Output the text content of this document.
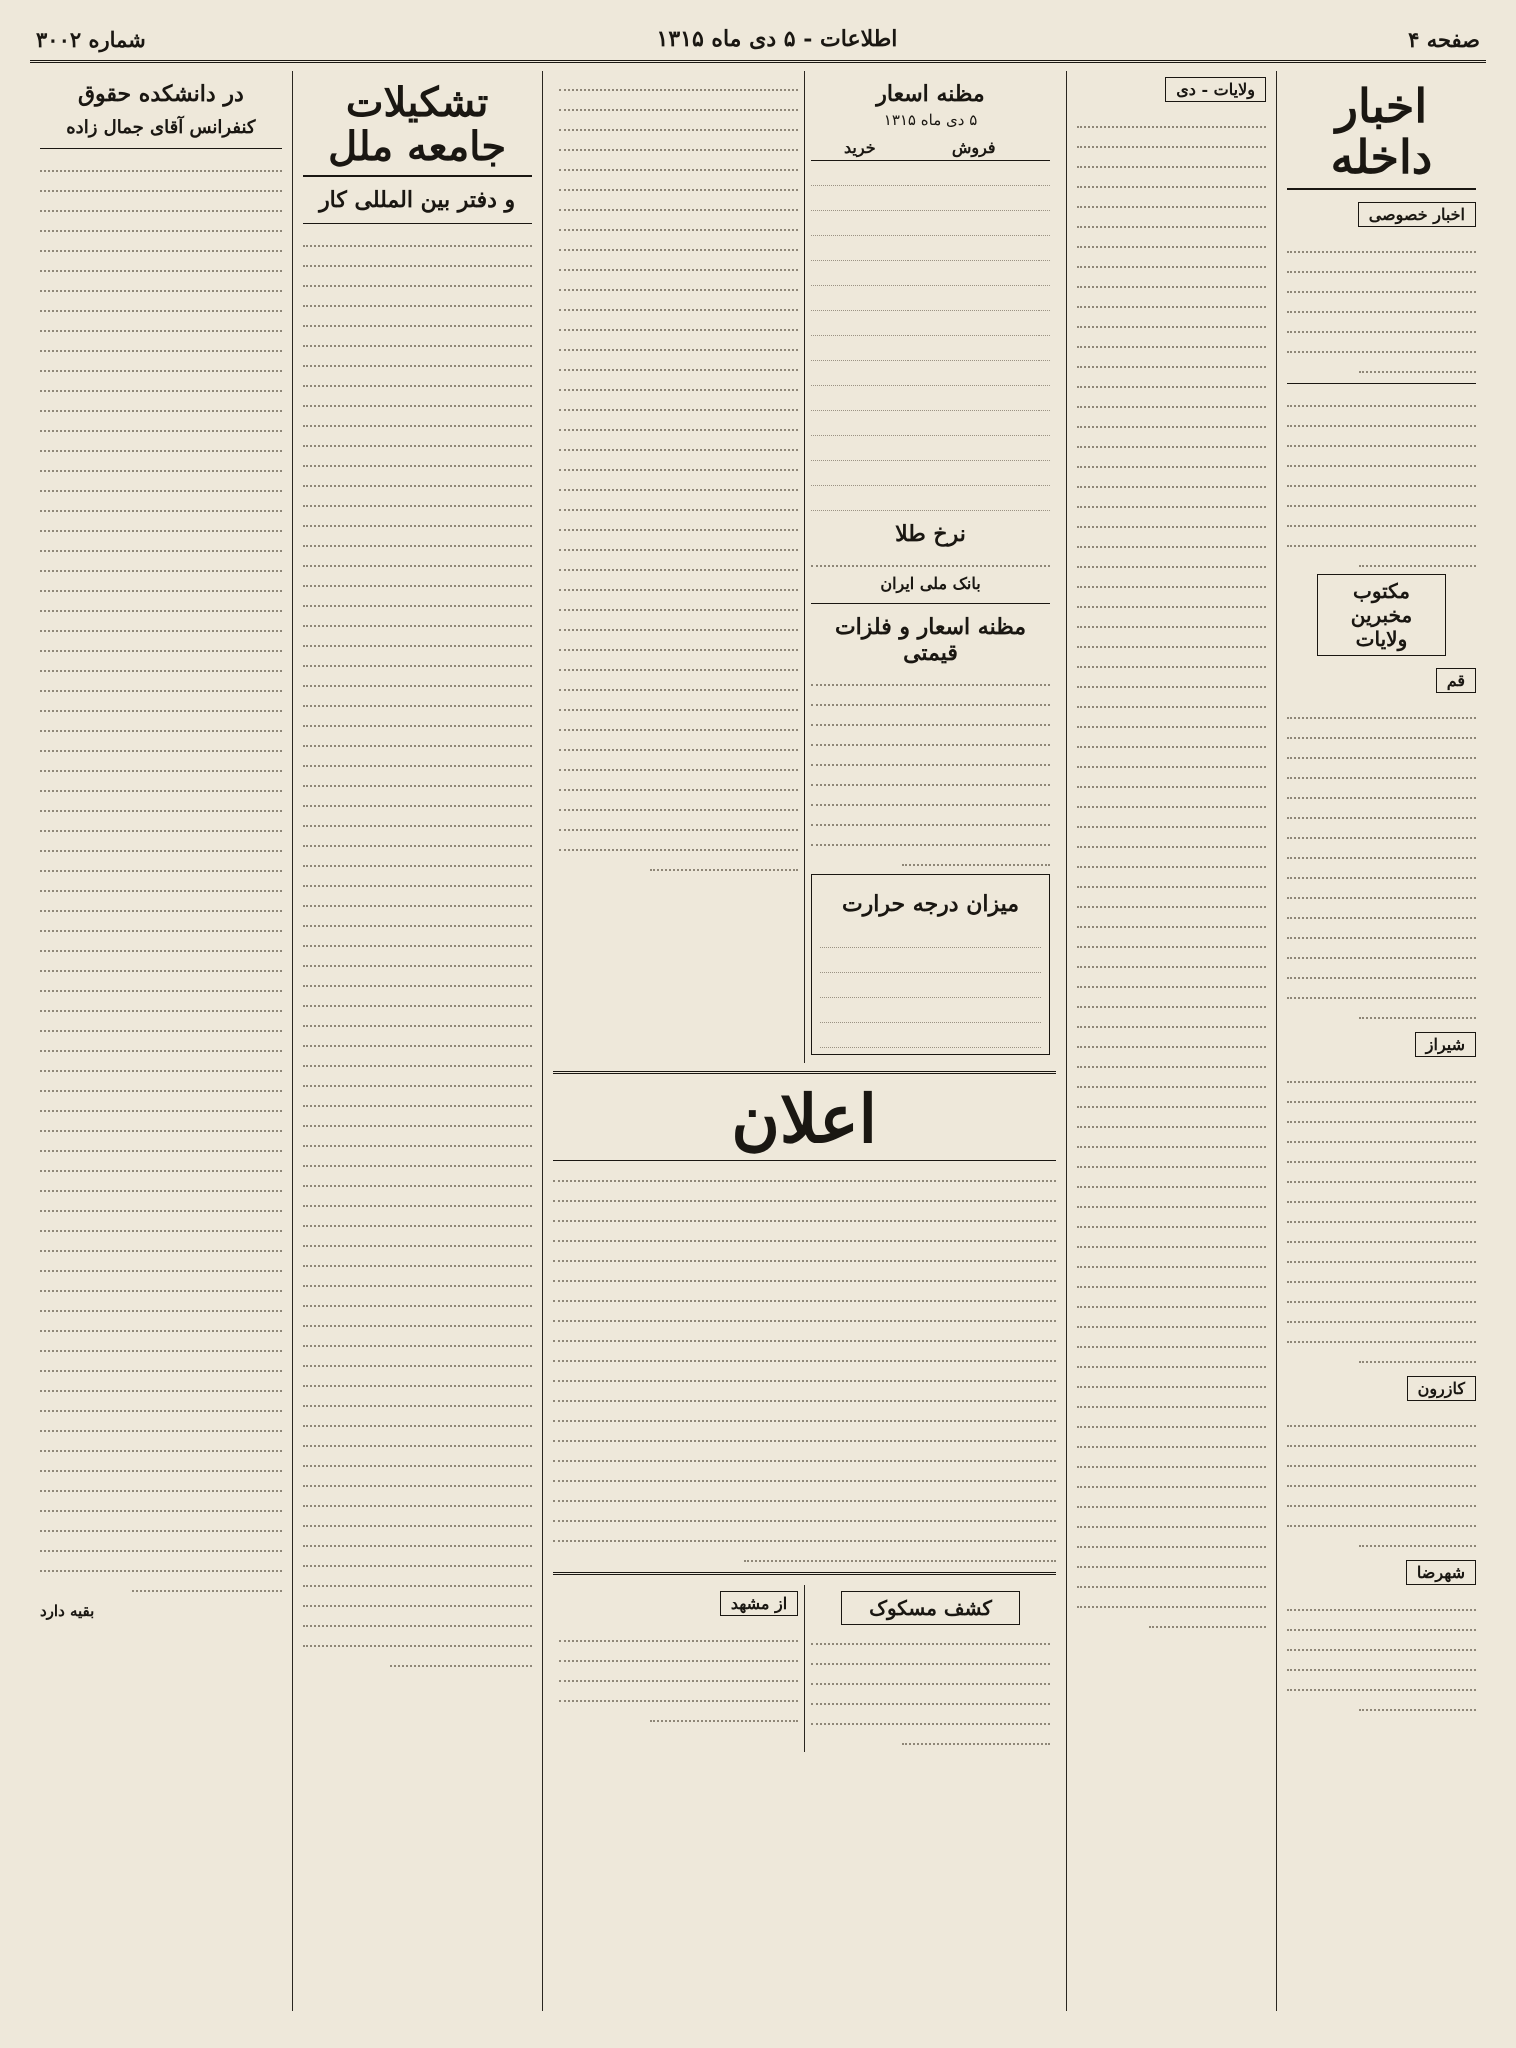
صفحه ۴
اطلاعات - ۵ دی ماه ۱۳۱۵
شماره ۳۰۰۲
اخبار داخله
اخبار خصوصی
مکتوب مخبرین ولایات
قم
شیراز
کازرون
شهرضا
ولایات - دی
مظنه اسعار
۵ دی ماه ۱۳۱۵
	فروش	خرید

نرخ طلا
بانک ملی ایران
مظنه اسعار و فلزات قیمتی
میزان درجه حرارت

اعلان
کشف مسکوک
از مشهد
تشکیلات جامعه ملل
و دفتر بین المللی کار
در دانشکده حقوق
کنفرانس آقای جمال زاده
بقیه دارد
